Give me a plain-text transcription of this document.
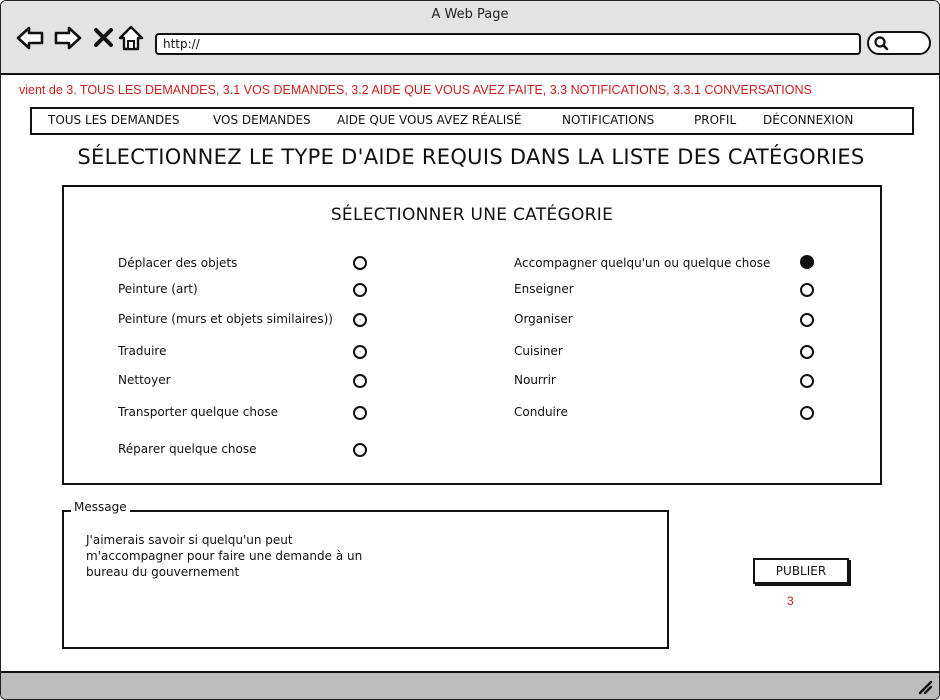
A Web Page
http://
vient de 3. TOUS LES DEMANDES, 3.1 VOS DEMANDES, 3.2 AIDE QUE VOUS AVEZ FAITE, 3.3 NOTIFICATIONS, 3.3.1 CONVERSATIONS
TOUS LES DEMANDES	VOS DEMANDES AIDE QUE VOUS AVEZ RÉALISÉ	NOTIFICATIONS	PROFIL DÉCONNEXION
SÉLECTIONNEZ LE TYPE D'AIDE REQUIS DANS LA LISTE DES CATÉGORIES
SÉLECTIONNER UNE CATÉGORIE
Déplacer des objets
Peinture (art)
Peinture (murs et objets similaires))
Traduire
Nettoyer
Transporter quelque chose
Réparer quelque chose
Accompagner quelqu'un ou quelque chose
Enseigner
Organiser
Cuisiner
Nourrir
Conduire
J'aimerais savoir si quelqu'un peut m'accompagner pour faire une demande à un bureau du gouvernement
Message
PUBLIER
3
